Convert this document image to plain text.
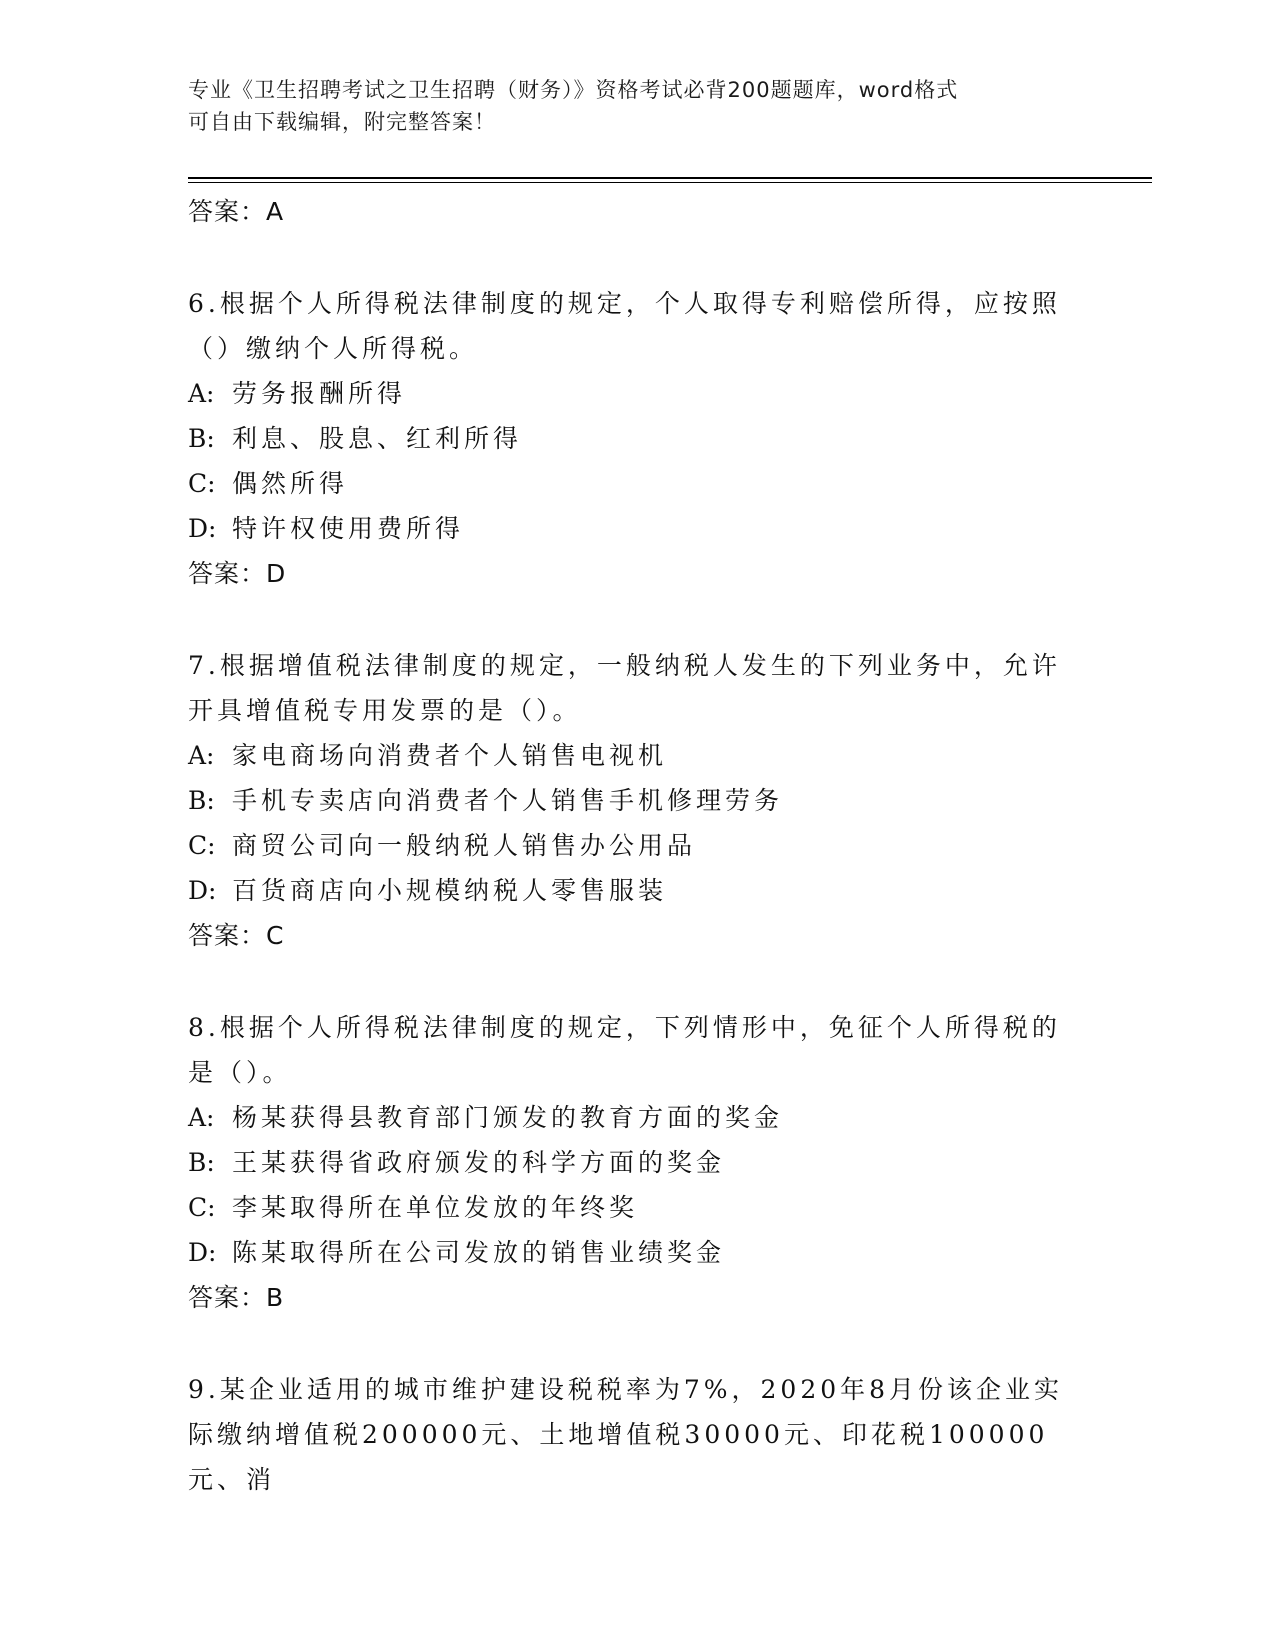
专业《卫生招聘考试之卫生招聘（财务）》资格考试必背200题题库，word格式
可自由下载编辑，附完整答案！
答案：A
6.根据个人所得税法律制度的规定，个人取得专利赔偿所得，应按照（）缴纳个人所得税。
A: 劳务报酬所得
B: 利息、股息、红利所得
C: 偶然所得
D: 特许权使用费所得
答案：D
7.根据增值税法律制度的规定，一般纳税人发生的下列业务中，允许开具增值税专用发票的是（）。
A: 家电商场向消费者个人销售电视机
B: 手机专卖店向消费者个人销售手机修理劳务
C: 商贸公司向一般纳税人销售办公用品
D: 百货商店向小规模纳税人零售服装
答案：C
8.根据个人所得税法律制度的规定，下列情形中，免征个人所得税的是（）。
A: 杨某获得县教育部门颁发的教育方面的奖金
B: 王某获得省政府颁发的科学方面的奖金
C: 李某取得所在单位发放的年终奖
D: 陈某取得所在公司发放的销售业绩奖金
答案：B
9.某企业适用的城市维护建设税税率为7%，2020年8月份该企业实际缴纳增值税200000元、土地增值税30000元、印花税100000元、消
